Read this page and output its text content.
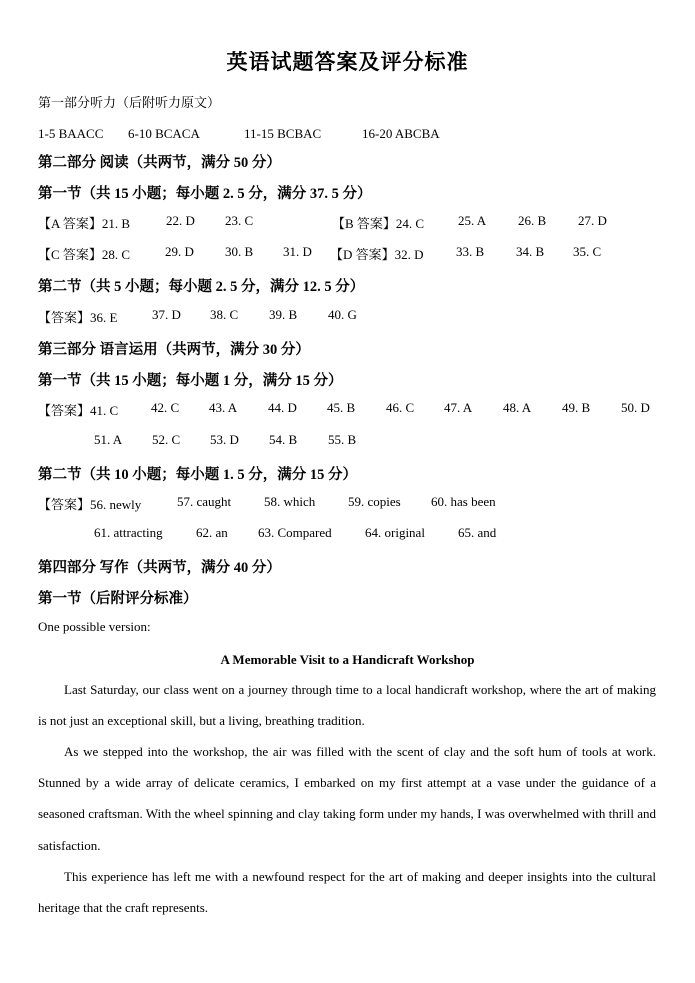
英语试题答案及评分标准
第一部分听力（后附听力原文）
1-5 BAACC 6-10 BCACA	11-15 BCBAC	16-20 ABCBA
第二部分 阅读（共两节，满分 50 分）
第一节（共 15 小题；每小题 2. 5 分，满分 37. 5 分）
【A 答案】21. B	22. D 23. C	【B 答案】24. C	25. A 26. B 27. D
【C 答案】28. C	29. D 30. B 31. D 【D 答案】32. D 33. B 34. B 35. C
第二节（共 5 小题；每小题 2. 5 分，满分 12. 5 分）
【答案】36. E	37. D 38. C 39. B 40. G
第三部分 语言运用（共两节，满分 30 分）
第一节（共 15 小题；每小题 1 分，满分 15 分）
【答案】41. C	42. C 43. A 44. D 45. B 46. C 47. A 48. A 49. B 50. D
51. A 52. C 53. D 54. B 55. B
第二节（共 10 小题；每小题 1. 5 分，满分 15 分）
【答案】56. newly	57. caught	58. which	59. copies 60. has been
61. attracting	62. an 63. Compared	64. original	65. and
第四部分 写作（共两节，满分 40 分）
第一节（后附评分标准）
One possible version:
A Memorable Visit to a Handicraft Workshop

Last Saturday, our class went on a journey through time to a local handicraft workshop, where the art of making is not just an exceptional skill, but a living, breathing tradition.

As we stepped into the workshop, the air was filled with the scent of clay and the soft hum of tools at work. Stunned by a wide array of delicate ceramics, I embarked on my first attempt at a vase under the guidance of a seasoned craftsman. With the wheel spinning and clay taking form under my hands, I was overwhelmed with thrill and satisfaction.

This experience has left me with a newfound respect for the art of making and deeper insights into the cultural heritage that the craft represents.
